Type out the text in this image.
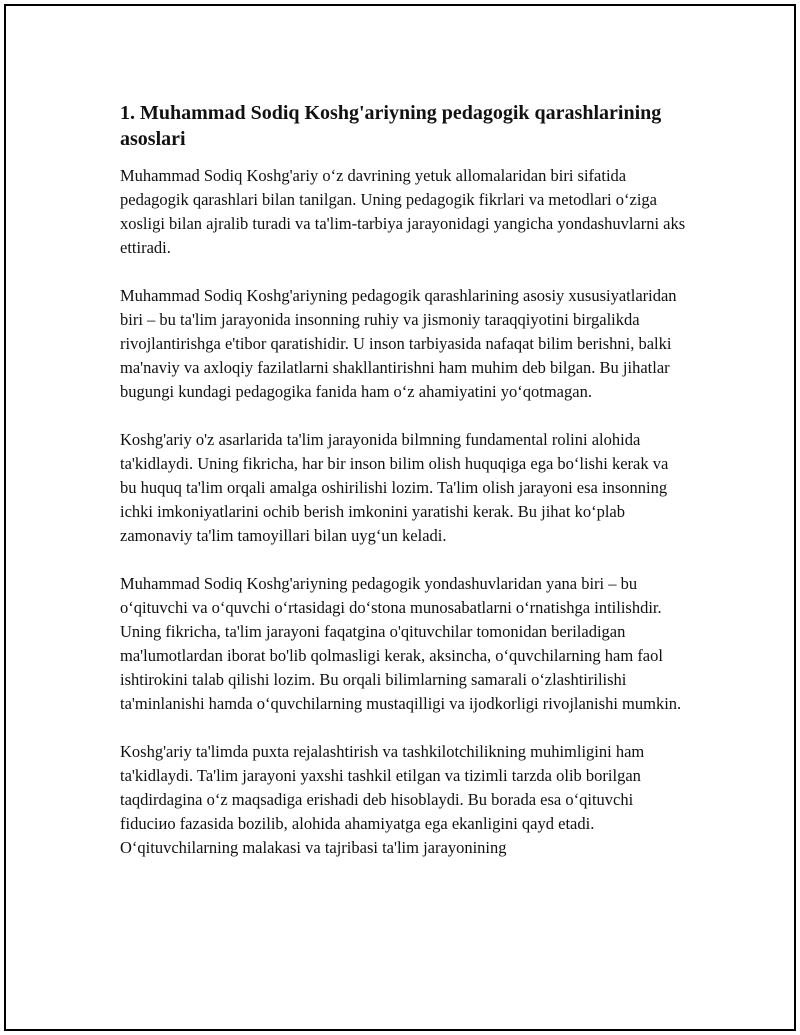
1. Muhammad Sodiq Koshg'ariyning pedagogik qarashlarining asoslari

Muhammad Sodiq Koshg'ariy o‘z davrining yetuk allomalaridan biri sifatida pedagogik qarashlari bilan tanilgan. Uning pedagogik fikrlari va metodlari o‘ziga xosligi bilan ajralib turadi va ta'lim-tarbiya jarayonidagi yangicha yondashuvlarni aks ettiradi.

Muhammad Sodiq Koshg'ariyning pedagogik qarashlarining asosiy xususiyatlaridan biri – bu ta'lim jarayonida insonning ruhiy va jismoniy taraqqiyotini birgalikda rivojlantirishga e'tibor qaratishidir. U inson tarbiyasida nafaqat bilim berishni, balki ma'naviy va axloqiy fazilatlarni shakllantirishni ham muhim deb bilgan. Bu jihatlar bugungi kundagi pedagogika fanida ham o‘z ahamiyatini yo‘qotmagan.

Koshg'ariy o'z asarlarida ta'lim jarayonida bilmning fundamental rolini alohida ta'kidlaydi. Uning fikricha, har bir inson bilim olish huquqiga ega bo‘lishi kerak va bu huquq ta'lim orqali amalga oshirilishi lozim. Ta'lim olish jarayoni esa insonning ichki imkoniyatlarini ochib berish imkonini yaratishi kerak. Bu jihat ko‘plab zamonaviy ta'lim tamoyillari bilan uyg‘un keladi.

Muhammad Sodiq Koshg'ariyning pedagogik yondashuvlaridan yana biri – bu o‘qituvchi va o‘quvchi o‘rtasidagi do‘stona munosabatlarni o‘rnatishga intilishdir. Uning fikricha, ta'lim jarayoni faqatgina o'qituvchilar tomonidan beriladigan ma'lumotlardan iborat bo'lib qolmasligi kerak, aksincha, o‘quvchilarning ham faol ishtirokini talab qilishi lozim. Bu orqali bilimlarning samarali o‘zlashtirilishi ta'minlanishi hamda o‘quvchilarning mustaqilligi va ijodkorligi rivojlanishi mumkin.

Koshg'ariy ta'limda puxta rejalashtirish va tashkilotchilikning muhimligini ham ta'kidlaydi. Ta'lim jarayoni yaxshi tashkil etilgan va tizimli tarzda olib borilgan taqdirdagina o‘z maqsadiga erishadi deb hisoblaydi. Bu borada esa o‘qituvchi fiduciиo fazasida bozilib, alohida ahamiyatga ega ekanligini qayd etadi. O‘qituvchilarning malakasi va tajribasi ta'lim jarayonining
